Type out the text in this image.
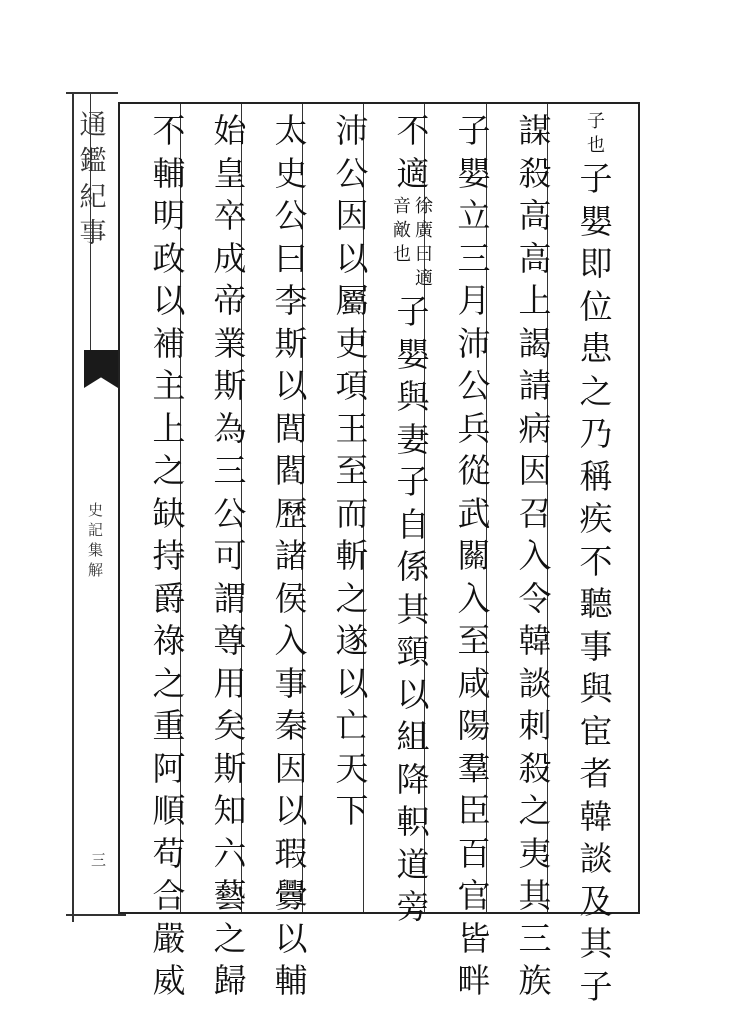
通
鑑
紀
事
史
記
集
解
三
子
也
子
嬰
即
位
患
之
乃
稱
疾
不
聽
事
與
宦
者
韓
談
及
其
子
謀
殺
高
高
上
謁
請
病
因
召
入
令
韓
談
刺
殺
之
夷
其
三
族
子
嬰
立
三
月
沛
公
兵
從
武
關
入
至
咸
陽
羣
臣
百
官
皆
畔
不
適
徐
廣
曰
適
音
敵
也
子
嬰
與
妻
子
自
係
其
頸
以
組
降
軹
道
旁
沛
公
因
以
屬
吏
項
王
至
而
斬
之
遂
以
亡
天
下
太
史
公
曰
李
斯
以
閭
閻
歷
諸
侯
入
事
秦
因
以
瑕
釁
以
輔
始
皇
卒
成
帝
業
斯
為
三
公
可
謂
尊
用
矣
斯
知
六
藝
之
歸
不
輔
明
政
以
補
主
上
之
缺
持
爵
祿
之
重
阿
順
苟
合
嚴
威
